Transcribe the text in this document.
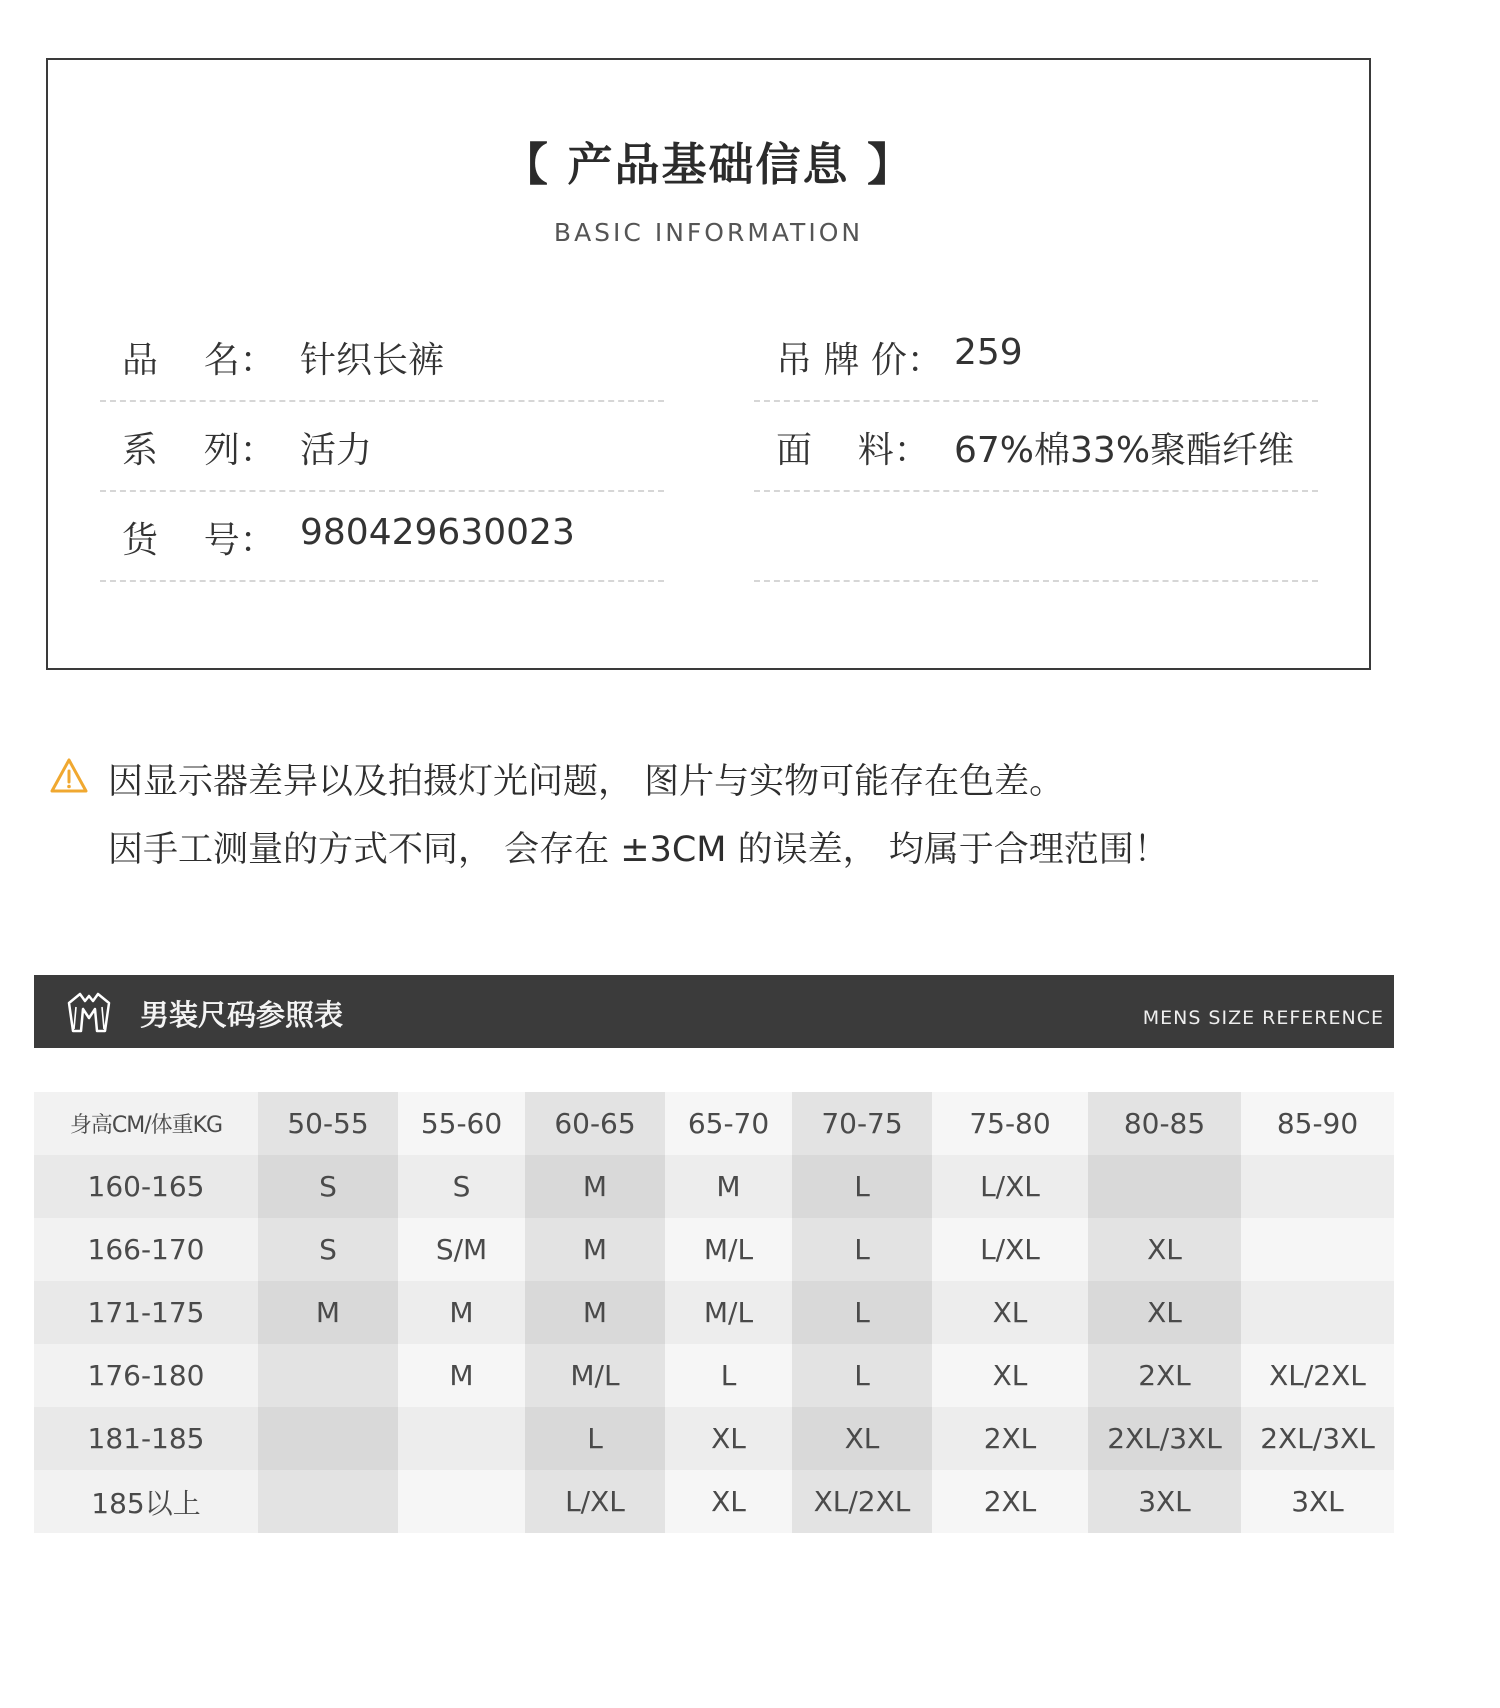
【 产品基础信息 】
BASIC INFORMATION
品    名： 针织长裤	吊 牌 价： 259
系    列： 活力	面    料： 67%棉33%聚酯纤维
货    号： 980429630023
因显示器差异以及拍摄灯光问题， 图片与实物可能存在色差。
因手工测量的方式不同， 会存在 ±3CM 的误差， 均属于合理范围！
男装尺码参照表	MENS SIZE REFERENCE
身高CM/体重KG	50-55	55-60	60-65	65-70	70-75	75-80	80-85	85-90
160-165	S	S	M	M	L	L/XL		
166-170	S	S/M	M	M/L	L	L/XL	XL	
171-175	M	M	M	M/L	L	XL	XL	
176-180		M	M/L	L	L	XL	2XL	XL/2XL
181-185			L	XL	XL	2XL	2XL/3XL	2XL/3XL
185以上			L/XL	XL	XL/2XL	2XL	3XL	3XL
